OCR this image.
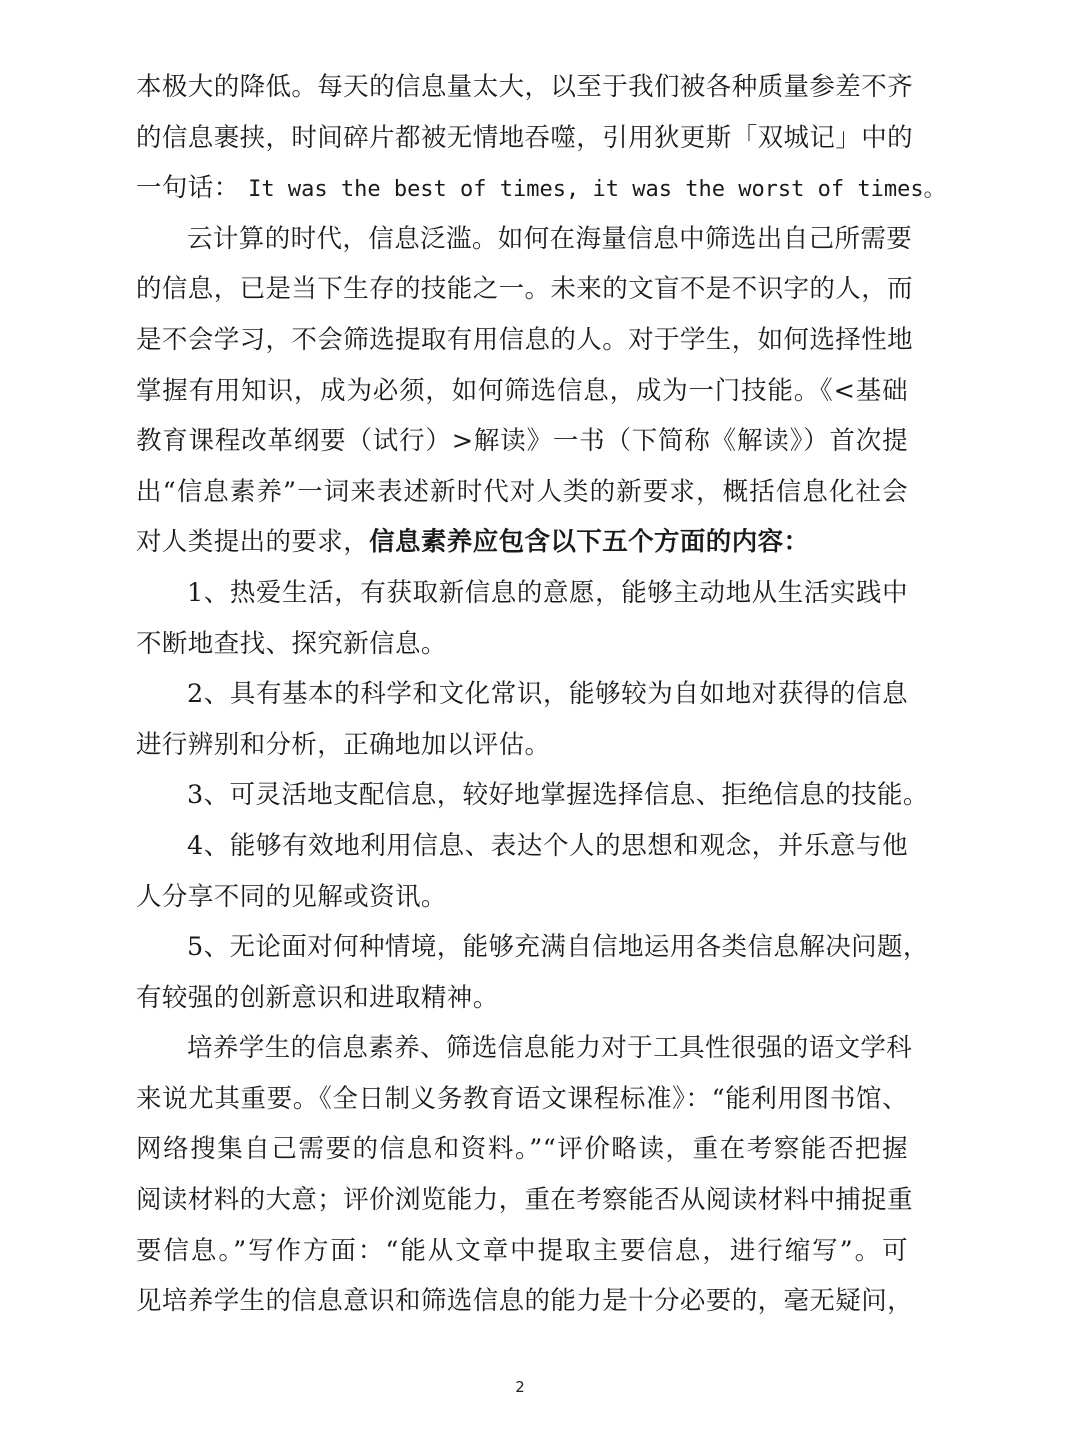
本极大的降低。每天的信息量太大，以至于我们被各种质量参差不齐
的信息裹挟，时间碎片都被无情地吞噬，引用狄更斯「双城记」中的
一句话： It was the best of times, it was the worst of times。
云计算的时代，信息泛滥。如何在海量信息中筛选出自己所需要
的信息，已是当下生存的技能之一。未来的文盲不是不识字的人，而
是不会学习，不会筛选提取有用信息的人。对于学生，如何选择性地
掌握有用知识，成为必须，如何筛选信息，成为一门技能。《<基础
教育课程改革纲要（试行）>解读》一书（下简称《解读》）首次提
出“信息素养”一词来表述新时代对人类的新要求，概括信息化社会
对人类提出的要求，信息素养应包含以下五个方面的内容：
1、热爱生活，有获取新信息的意愿，能够主动地从生活实践中
不断地查找、探究新信息。
2、具有基本的科学和文化常识，能够较为自如地对获得的信息
进行辨别和分析，正确地加以评估。
3、可灵活地支配信息，较好地掌握选择信息、拒绝信息的技能。
4、能够有效地利用信息、表达个人的思想和观念，并乐意与他
人分享不同的见解或资讯。
5、无论面对何种情境，能够充满自信地运用各类信息解决问题，
有较强的创新意识和进取精神。
培养学生的信息素养、筛选信息能力对于工具性很强的语文学科
来说尤其重要。《全日制义务教育语文课程标准》：“能利用图书馆、
网络搜集自己需要的信息和资料。”“评价略读，重在考察能否把握
阅读材料的大意；评价浏览能力，重在考察能否从阅读材料中捕捉重
要信息。”写作方面：“能从文章中提取主要信息，进行缩写”。可
见培养学生的信息意识和筛选信息的能力是十分必要的，毫无疑问，
2
